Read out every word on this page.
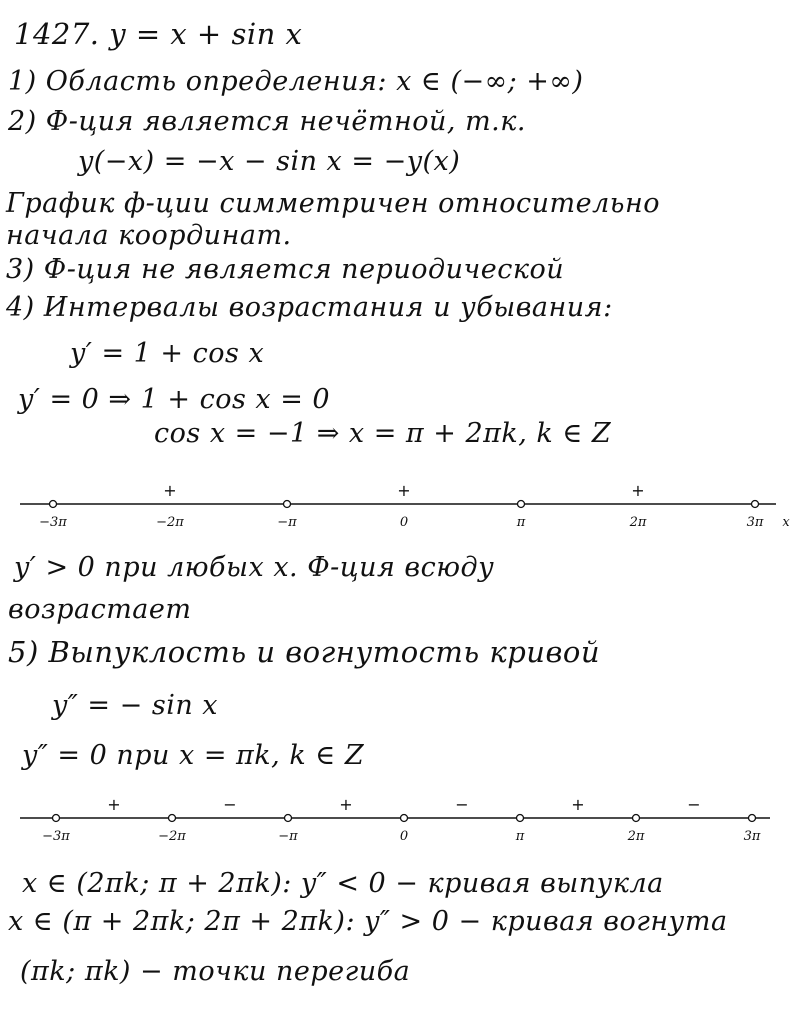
1427. y = x + sin x
1) Область определения: x ∈ (−∞; +∞)
2) Ф-ция является нечётной, т.к.
y(−x) = −x − sin x = −y(x)
График ф-ции симметричен относительно
начала координат.
3) Ф-ция не является периодической
4) Интервалы возрастания и убывания:
y′ = 1 + cos x
y′ = 0 ⇒ 1 + cos x = 0
cos x = −1 ⇒ x = π + 2πk, k ∈ Z
−3π	−2π	−π	0	π	2π	3π
+	+	+
x
y′ > 0 при любых x. Ф-ция всюду
возрастает
5) Выпуклость и вогнутость кривой
y″ = − sin x
y″ = 0 при x = πk, k ∈ Z
−3π	−2π	−π	0	π	2π	3π
+	−	+	−	+	−
x ∈ (2πk; π + 2πk): y″ < 0 − кривая выпукла
x ∈ (π + 2πk; 2π + 2πk): y″ > 0 − кривая вогнута
(πk; πk) − точки перегиба
